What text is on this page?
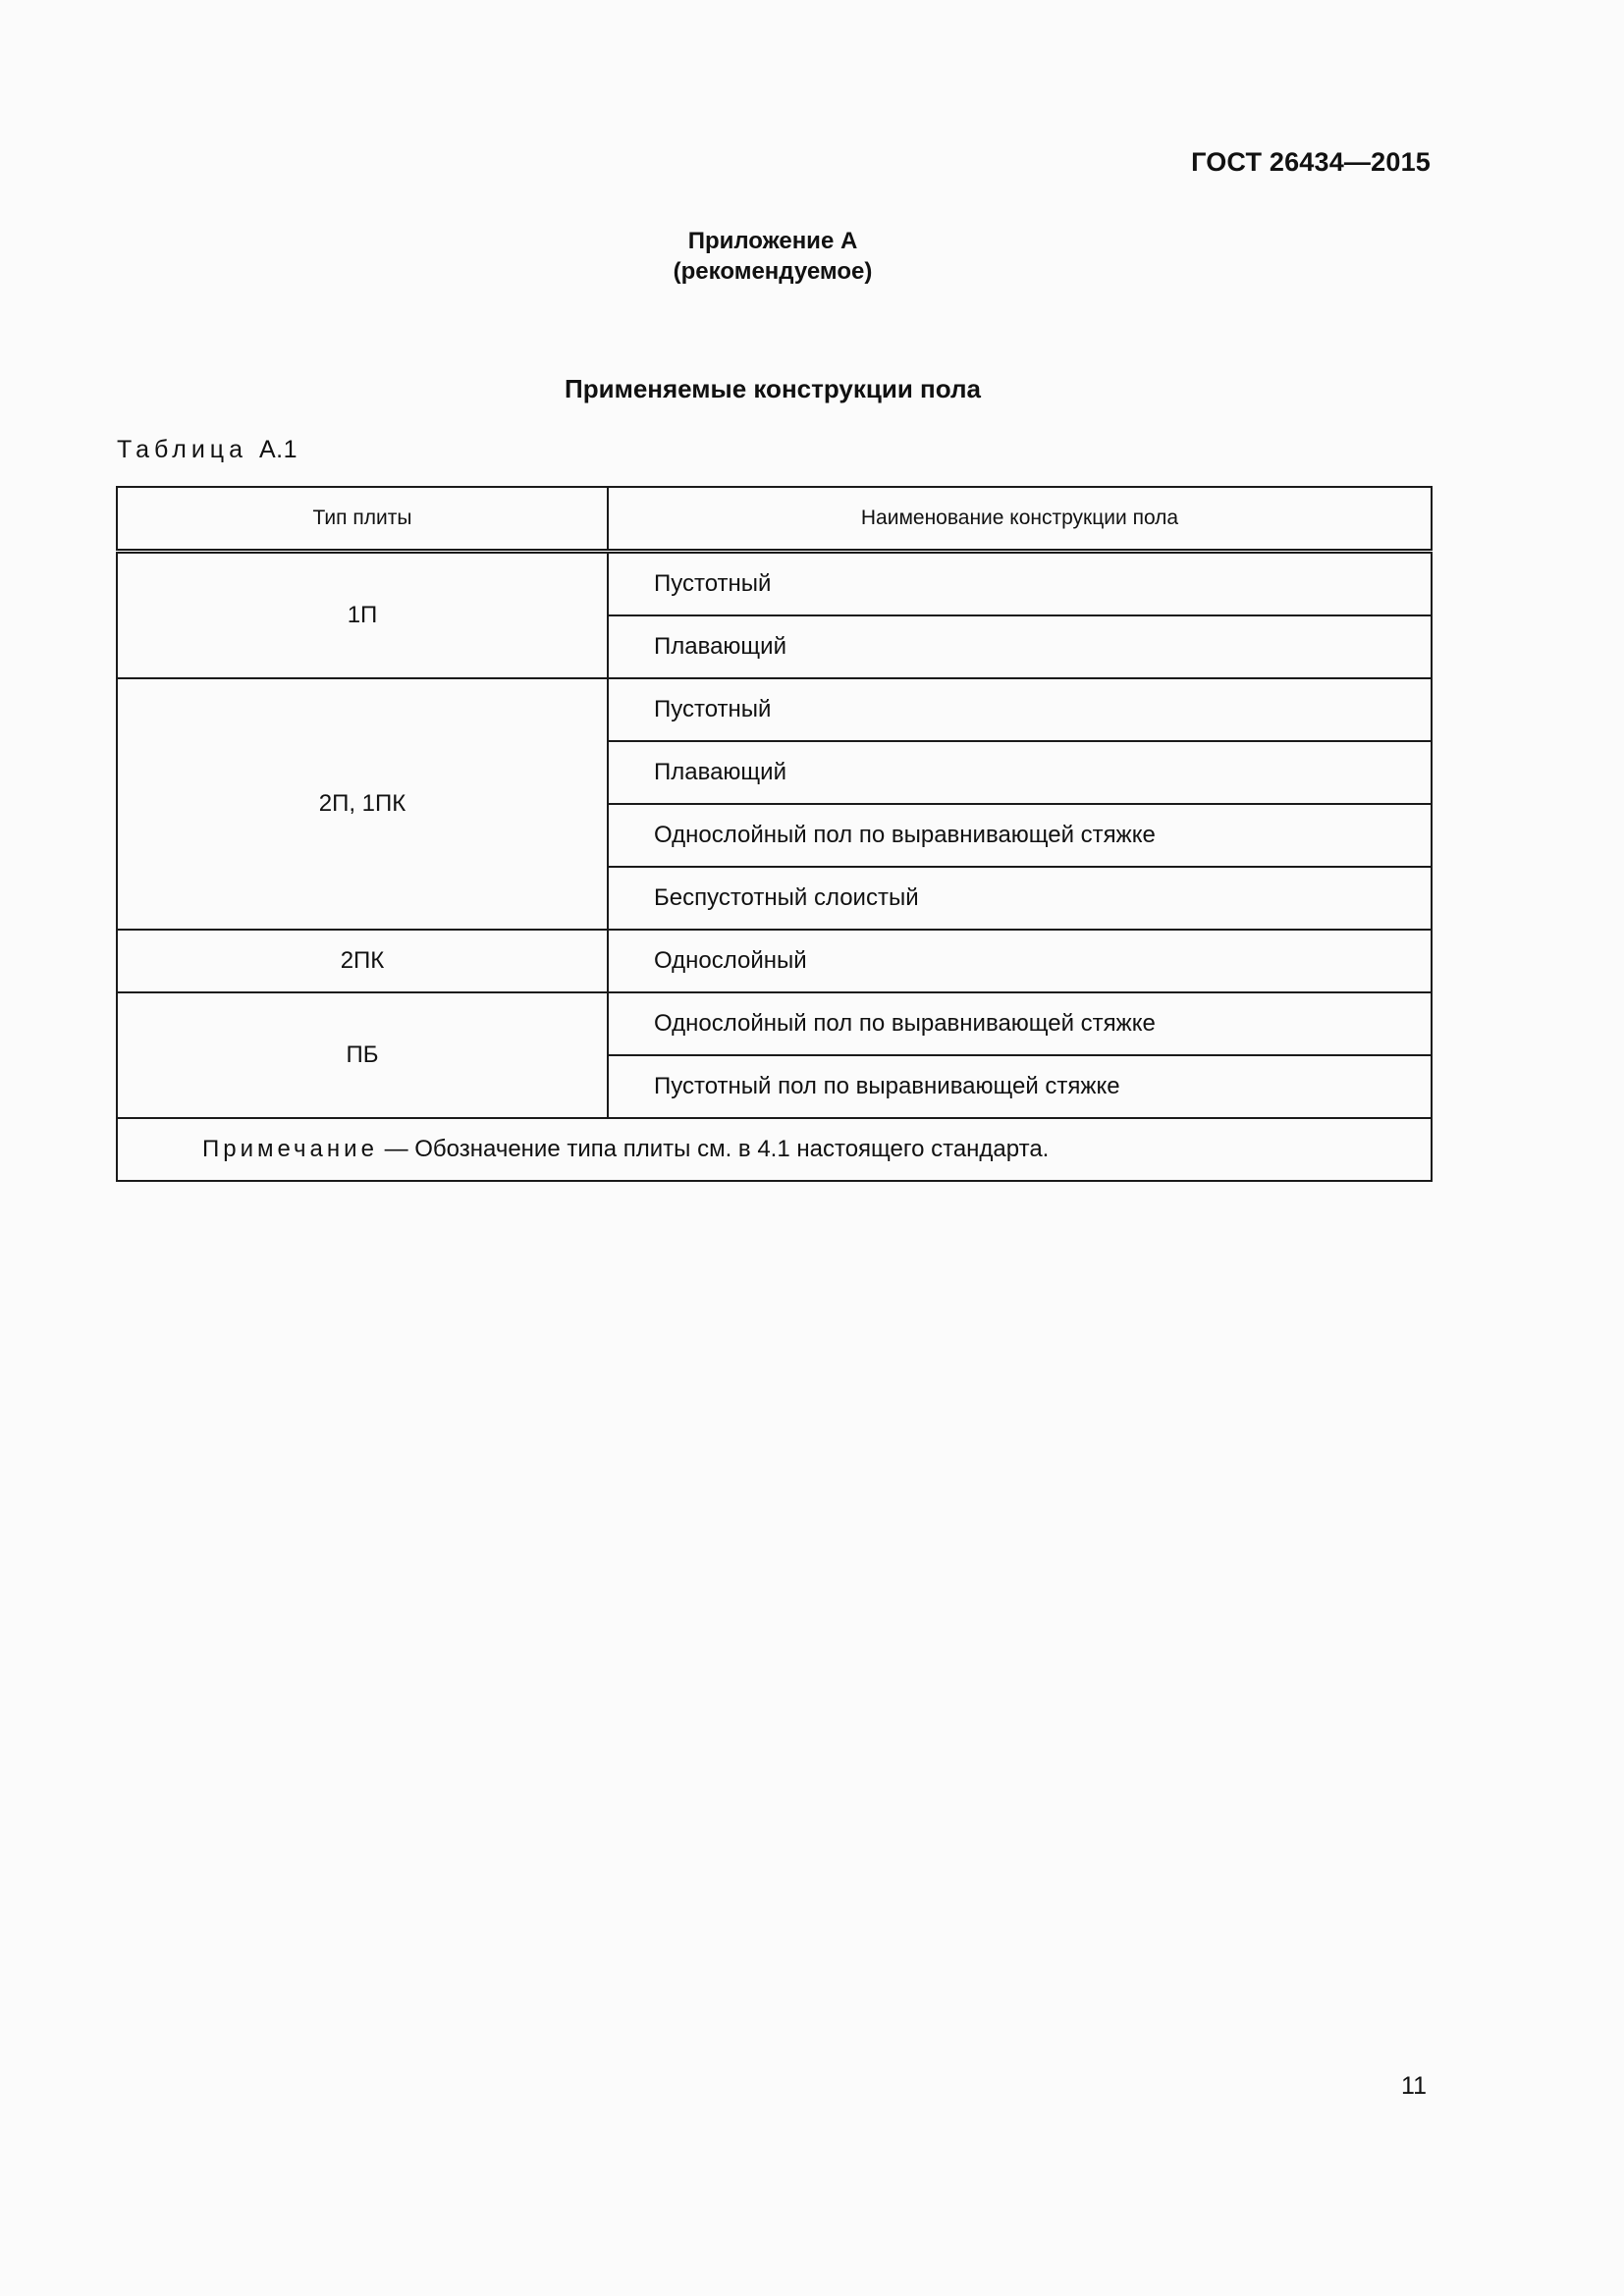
ГОСТ 26434—2015
Приложение А
(рекомендуемое)
Применяемые конструкции пола
Таблица А.1
Тип плиты	Наименование конструкции пола
1П	Пустотный
	Плавающий
2П, 1ПК	Пустотный
	Плавающий
	Однослойный пол по выравнивающей стяжке
	Беспустотный слоистый
2ПК	Однослойный
ПБ	Однослойный пол по выравнивающей стяжке
	Пустотный пол по выравнивающей стяжке
Примечание — Обозначение типа плиты см. в 4.1 настоящего стандарта.	
11
